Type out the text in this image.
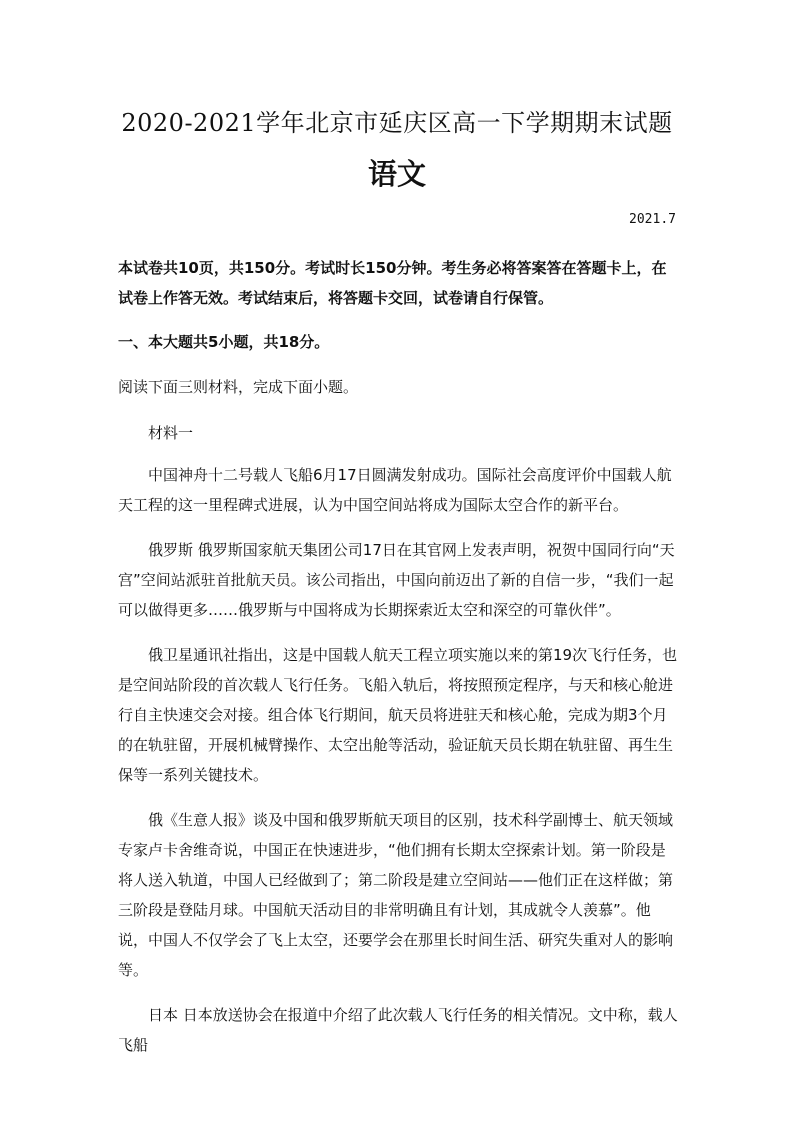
2020-2021学年北京市延庆区高一下学期期末试题
语文
2021.7
本试卷共10页，共150分。考试时长150分钟。考生务必将答案答在答题卡上，在试卷上作答无效。考试结束后，将答题卡交回，试卷请自行保管。
一、本大题共5小题，共18分。
阅读下面三则材料，完成下面小题。
材料一

中国神舟十二号载人飞船6月17日圆满发射成功。国际社会高度评价中国载人航天工程的这一里程碑式进展，认为中国空间站将成为国际太空合作的新平台。

俄罗斯 俄罗斯国家航天集团公司17日在其官网上发表声明，祝贺中国同行向“天宫”空间站派驻首批航天员。该公司指出，中国向前迈出了新的自信一步，“我们一起可以做得更多……俄罗斯与中国将成为长期探索近太空和深空的可靠伙伴”。

俄卫星通讯社指出，这是中国载人航天工程立项实施以来的第19次飞行任务，也是空间站阶段的首次载人飞行任务。飞船入轨后，将按照预定程序，与天和核心舱进行自主快速交会对接。组合体飞行期间，航天员将进驻天和核心舱，完成为期3个月的在轨驻留，开展机械臂操作、太空出舱等活动，验证航天员长期在轨驻留、再生生保等一系列关键技术。

俄《生意人报》谈及中国和俄罗斯航天项目的区别，技术科学副博士、航天领域专家卢卡舍维奇说，中国正在快速进步，“他们拥有长期太空探索计划。第一阶段是将人送入轨道，中国人已经做到了；第二阶段是建立空间站——他们正在这样做；第三阶段是登陆月球。中国航天活动目的非常明确且有计划，其成就令人羡慕”。他说，中国人不仅学会了飞上太空，还要学会在那里长时间生活、研究失重对人的影响等。

日本 日本放送协会在报道中介绍了此次载人飞行任务的相关情况。文中称，载人飞船
